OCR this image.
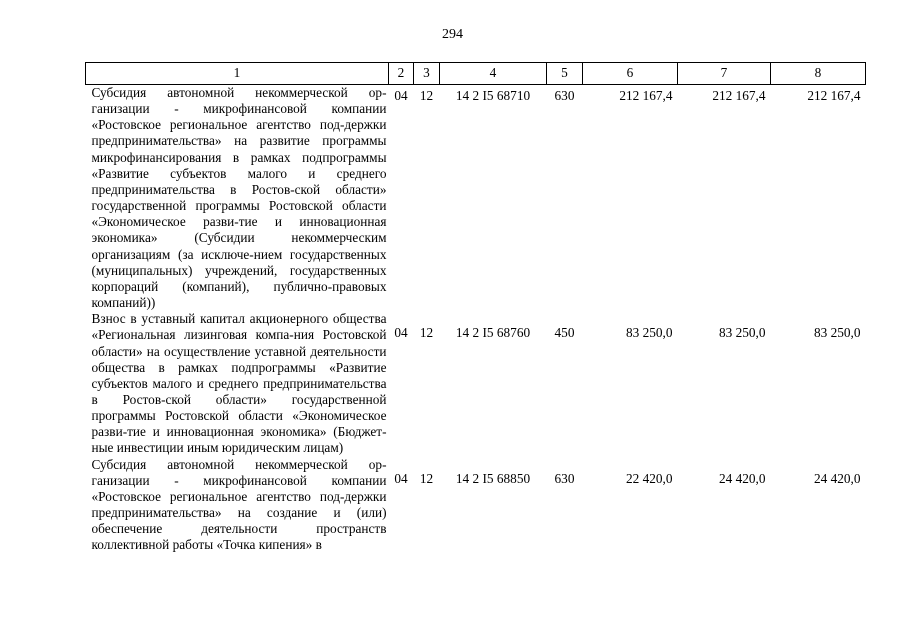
294
1	2	3	4	5	6	7	8
Субсидия автономной некоммерческой ор-ганизации - микрофинансовой компании «Ростовское региональное агентство под-держки предпринимательства» на развитие программы микрофинансирования в рамках подпрограммы «Развитие субъектов малого и среднего предпринимательства в Ростов-ской области» государственной программы Ростовской области «Экономическое разви-тие и инновационная экономика» (Субсидии некоммерческим организациям (за исключе-нием государственных (муниципальных) учреждений, государственных корпораций (компаний), публично-правовых компаний))	04	12	14 2 I5 68710	630	212 167,4	212 167,4	212 167,4
Взнос в уставный капитал акционерного общества «Региональная лизинговая компа-ния Ростовской области» на осуществление уставной деятельности общества в рамках подпрограммы «Развитие субъектов малого и среднего предпринимательства в Ростов-ской области» государственной программы Ростовской области «Экономическое разви-тие и инновационная экономика» (Бюджет-ные инвестиции иным юридическим лицам)	04	12	14 2 I5 68760	450	83 250,0	83 250,0	83 250,0
Субсидия автономной некоммерческой ор-ганизации - микрофинансовой компании «Ростовское региональное агентство под-держки предпринимательства» на создание и (или) обеспечение деятельности пространств коллективной работы «Точка кипения» в	04	12	14 2 I5 68850	630	22 420,0	24 420,0	24 420,0
